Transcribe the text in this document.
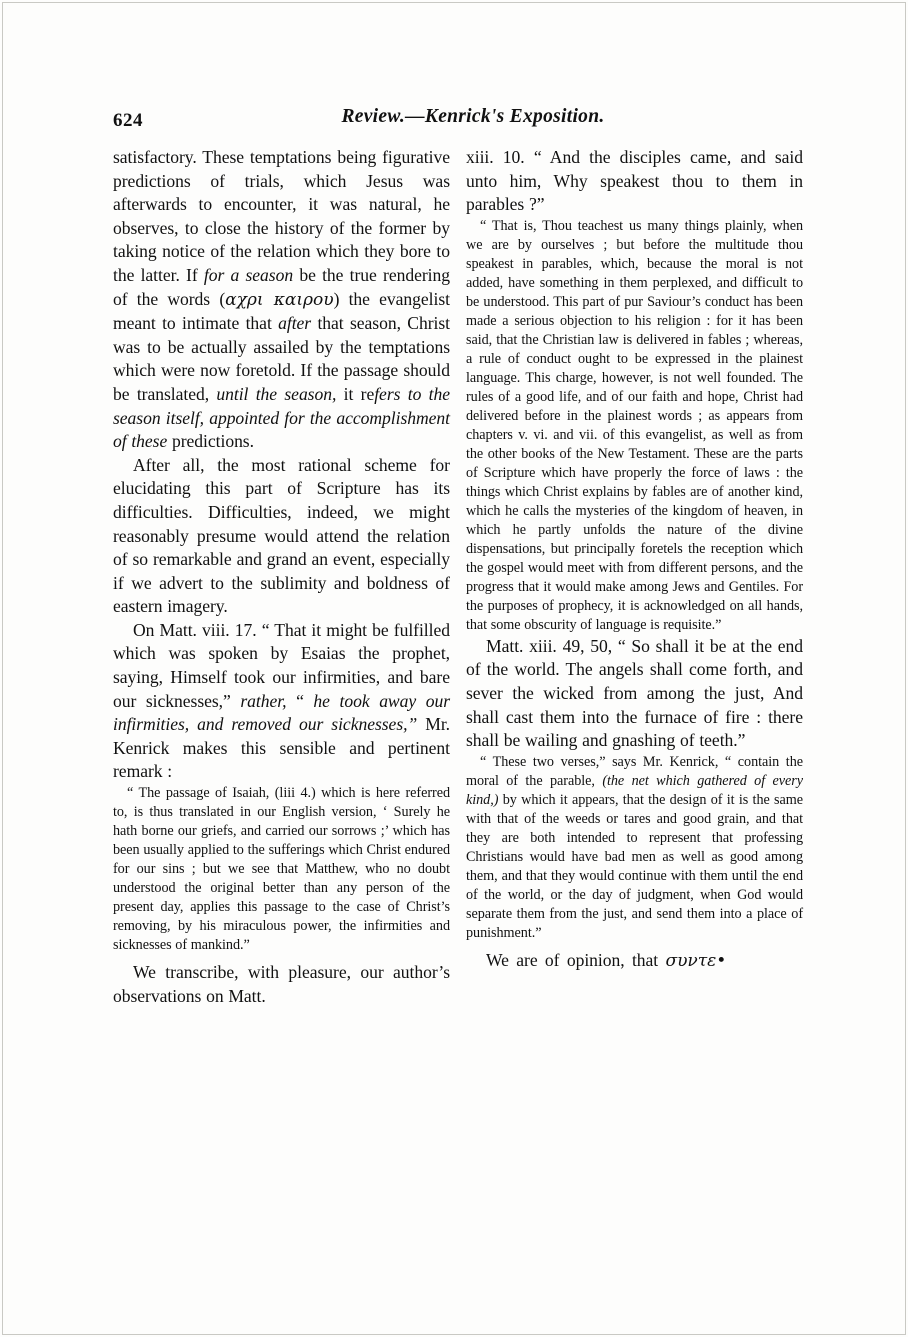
624	Review.—Kenrick's Exposition.

satisfactory. These temptations being figurative predictions of trials, which Jesus was afterwards to encounter, it was natural, he observes, to close the history of the former by taking notice of the relation which they bore to the latter. If for a season be the true rendering of the words (αχρι καιρου) the evangelist meant to intimate that after that season, Christ was to be actually assailed by the temptations which were now foretold. If the passage should be translated, until the season, it refers to the season itself, appointed for the accomplishment of these predictions.

After all, the most rational scheme for elucidating this part of Scripture has its difficulties. Difficulties, indeed, we might reasonably presume would attend the relation of so remarkable and grand an event, especially if we advert to the sublimity and boldness of eastern imagery.

On Matt. viii. 17. “ That it might be fulfilled which was spoken by Esaias the prophet, saying, Himself took our infirmities, and bare our sicknesses,” rather, “ he took away our infirmities, and removed our sicknesses,” Mr. Kenrick makes this sensible and pertinent remark :

“ The passage of Isaiah, (liii 4.) which is here referred to, is thus translated in our English version, ‘ Surely he hath borne our griefs, and carried our sorrows ;’ which has been usually applied to the sufferings which Christ endured for our sins ; but we see that Matthew, who no doubt understood the original better than any person of the present day, applies this passage to the case of Christ’s removing, by his miraculous power, the infirmities and sicknesses of mankind.”

We transcribe, with pleasure, our author’s observations on Matt.

xiii. 10. “ And the disciples came, and said unto him, Why speakest thou to them in parables ?”

“ That is, Thou teachest us many things plainly, when we are by ourselves ; but before the multitude thou speakest in parables, which, because the moral is not added, have something in them perplexed, and difficult to be understood. This part of pur Saviour’s conduct has been made a serious objection to his religion : for it has been said, that the Christian law is delivered in fables ; whereas, a rule of conduct ought to be expressed in the plainest language. This charge, however, is not well founded. The rules of a good life, and of our faith and hope, Christ had delivered before in the plainest words ; as appears from chapters v. vi. and vii. of this evangelist, as well as from the other books of the New Testament. These are the parts of Scripture which have properly the force of laws : the things which Christ explains by fables are of another kind, which he calls the mysteries of the kingdom of heaven, in which he partly unfolds the nature of the divine dispensations, but principally foretels the reception which the gospel would meet with from different persons, and the progress that it would make among Jews and Gentiles. For the purposes of prophecy, it is acknowledged on all hands, that some obscurity of language is requisite.”

Matt. xiii. 49, 50, “ So shall it be at the end of the world. The angels shall come forth, and sever the wicked from among the just, And shall cast them into the furnace of fire : there shall be wailing and gnashing of teeth.”

“ These two verses,” says Mr. Kenrick, “ contain the moral of the parable, (the net which gathered of every kind,) by which it appears, that the design of it is the same with that of the weeds or tares and good grain, and that they are both intended to represent that professing Christians would have bad men as well as good among them, and that they would continue with them until the end of the world, or the day of judgment, when God would separate them from the just, and send them into a place of punishment.”

We are of opinion, that συντε•
